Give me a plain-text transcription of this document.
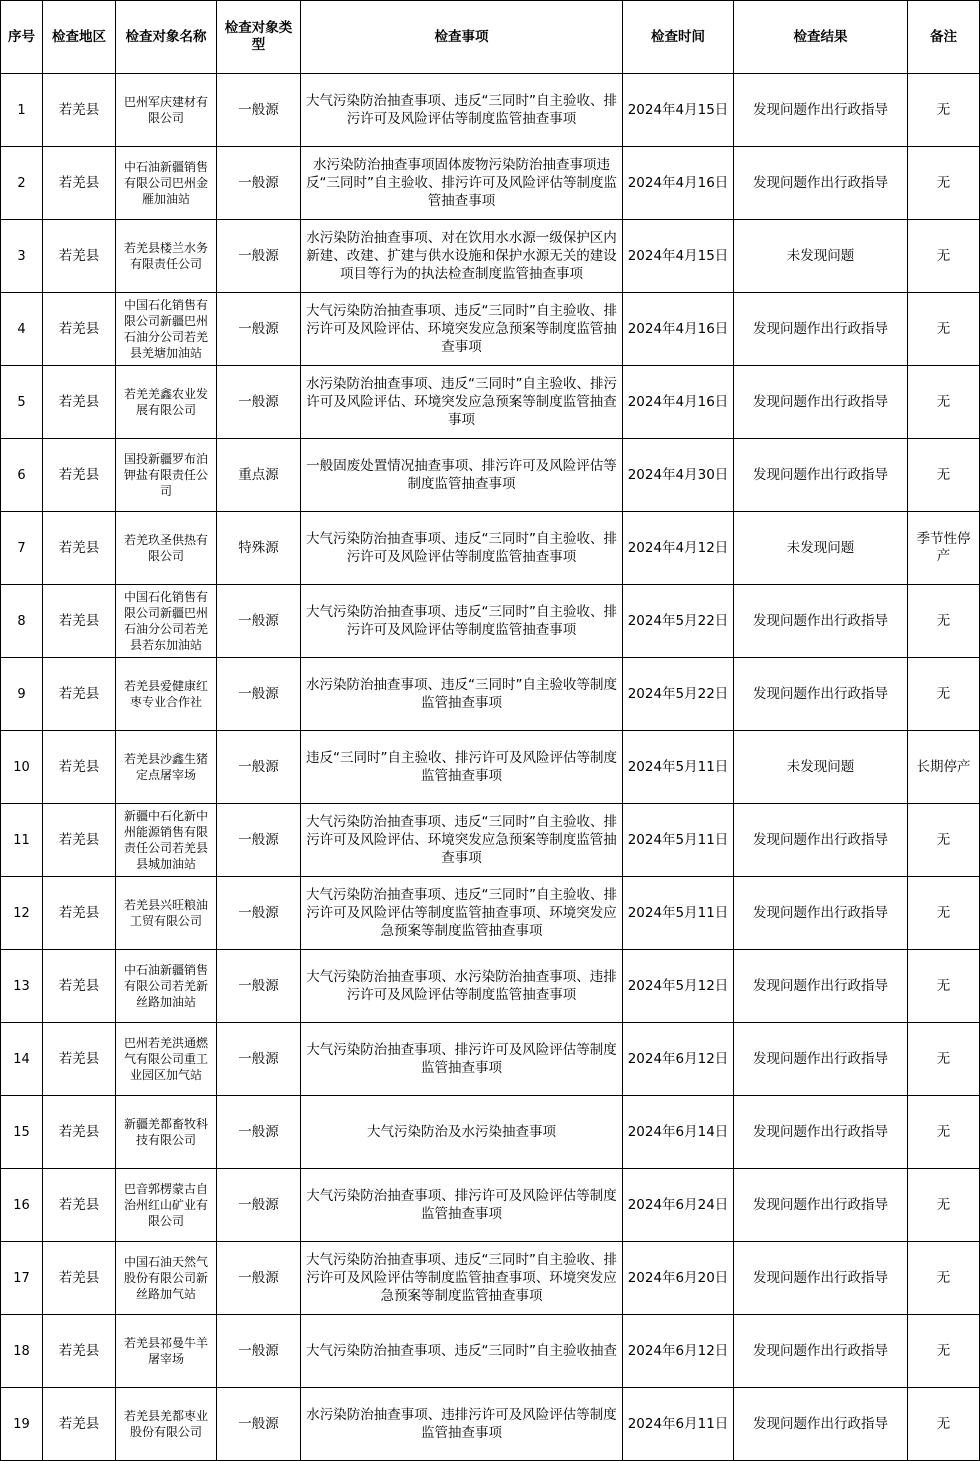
序号	检查地区	检查对象名称	检查对象类型	检查事项	检查时间	检查结果	备注
1	若羌县	巴州军庆建材有限公司	一般源	大气污染防治抽查事项、违反“三同时”自主验收、排污许可及风险评估等制度监管抽查事项	2024年4月15日	发现问题作出行政指导	无
2	若羌县	中石油新疆销售有限公司巴州金雁加油站	一般源	水污染防治抽查事项固体废物污染防治抽查事项违反“三同时”自主验收、排污许可及风险评估等制度监管抽查事项	2024年4月16日	发现问题作出行政指导	无
3	若羌县	若羌县楼兰水务有限责任公司	一般源	水污染防治抽查事项、对在饮用水水源一级保护区内新建、改建、扩建与供水设施和保护水源无关的建设项目等行为的执法检查制度监管抽查事项	2024年4月15日	未发现问题	无
4	若羌县	中国石化销售有限公司新疆巴州石油分公司若羌县羌塘加油站	一般源	大气污染防治抽查事项、违反“三同时”自主验收、排污许可及风险评估、环境突发应急预案等制度监管抽查事项	2024年4月16日	发现问题作出行政指导	无
5	若羌县	若羌羌鑫农业发展有限公司	一般源	水污染防治抽查事项、违反“三同时”自主验收、排污许可及风险评估、环境突发应急预案等制度监管抽查事项	2024年4月16日	发现问题作出行政指导	无
6	若羌县	国投新疆罗布泊钾盐有限责任公司	重点源	一般固废处置情况抽查事项、排污许可及风险评估等制度监管抽查事项	2024年4月30日	发现问题作出行政指导	无
7	若羌县	若羌玖圣供热有限公司	特殊源	大气污染防治抽查事项、违反“三同时”自主验收、排污许可及风险评估等制度监管抽查事项	2024年4月12日	未发现问题	季节性停产
8	若羌县	中国石化销售有限公司新疆巴州石油分公司若羌县若东加油站	一般源	大气污染防治抽查事项、违反“三同时”自主验收、排污许可及风险评估等制度监管抽查事项	2024年5月22日	发现问题作出行政指导	无
9	若羌县	若羌县爱健康红枣专业合作社	一般源	水污染防治抽查事项、违反“三同时”自主验收等制度监管抽查事项	2024年5月22日	发现问题作出行政指导	无
10	若羌县	若羌县沙鑫生猪定点屠宰场	一般源	违反“三同时”自主验收、排污许可及风险评估等制度监管抽查事项	2024年5月11日	未发现问题	长期停产
11	若羌县	新疆中石化新中州能源销售有限责任公司若羌县县城加油站	一般源	大气污染防治抽查事项、违反“三同时”自主验收、排污许可及风险评估、环境突发应急预案等制度监管抽查事项	2024年5月11日	发现问题作出行政指导	无
12	若羌县	若羌县兴旺粮油工贸有限公司	一般源	大气污染防治抽查事项、违反“三同时”自主验收、排污许可及风险评估等制度监管抽查事项、环境突发应急预案等制度监管抽查事项	2024年5月11日	发现问题作出行政指导	无
13	若羌县	中石油新疆销售有限公司若羌新丝路加油站	一般源	大气污染防治抽查事项、水污染防治抽查事项、违排污许可及风险评估等制度监管抽查事项	2024年5月12日	发现问题作出行政指导	无
14	若羌县	巴州若羌洪通燃气有限公司重工业园区加气站	一般源	大气污染防治抽查事项、排污许可及风险评估等制度监管抽查事项	2024年6月12日	发现问题作出行政指导	无
15	若羌县	新疆羌都畜牧科技有限公司	一般源	大气污染防治及水污染抽查事项	2024年6月14日	发现问题作出行政指导	无
16	若羌县	巴音郭楞蒙古自治州红山矿业有限公司	一般源	大气污染防治抽查事项、排污许可及风险评估等制度监管抽查事项	2024年6月24日	发现问题作出行政指导	无
17	若羌县	中国石油天然气股份有限公司新丝路加气站	一般源	大气污染防治抽查事项、违反“三同时”自主验收、排污许可及风险评估等制度监管抽查事项、环境突发应急预案等制度监管抽查事项	2024年6月20日	发现问题作出行政指导	无
18	若羌县	若羌县祁曼牛羊屠宰场	一般源	大气污染防治抽查事项、违反“三同时”自主验收抽查	2024年6月12日	发现问题作出行政指导	无
19	若羌县	若羌县羌都枣业股份有限公司	一般源	水污染防治抽查事项、违排污许可及风险评估等制度监管抽查事项	2024年6月11日	发现问题作出行政指导	无
